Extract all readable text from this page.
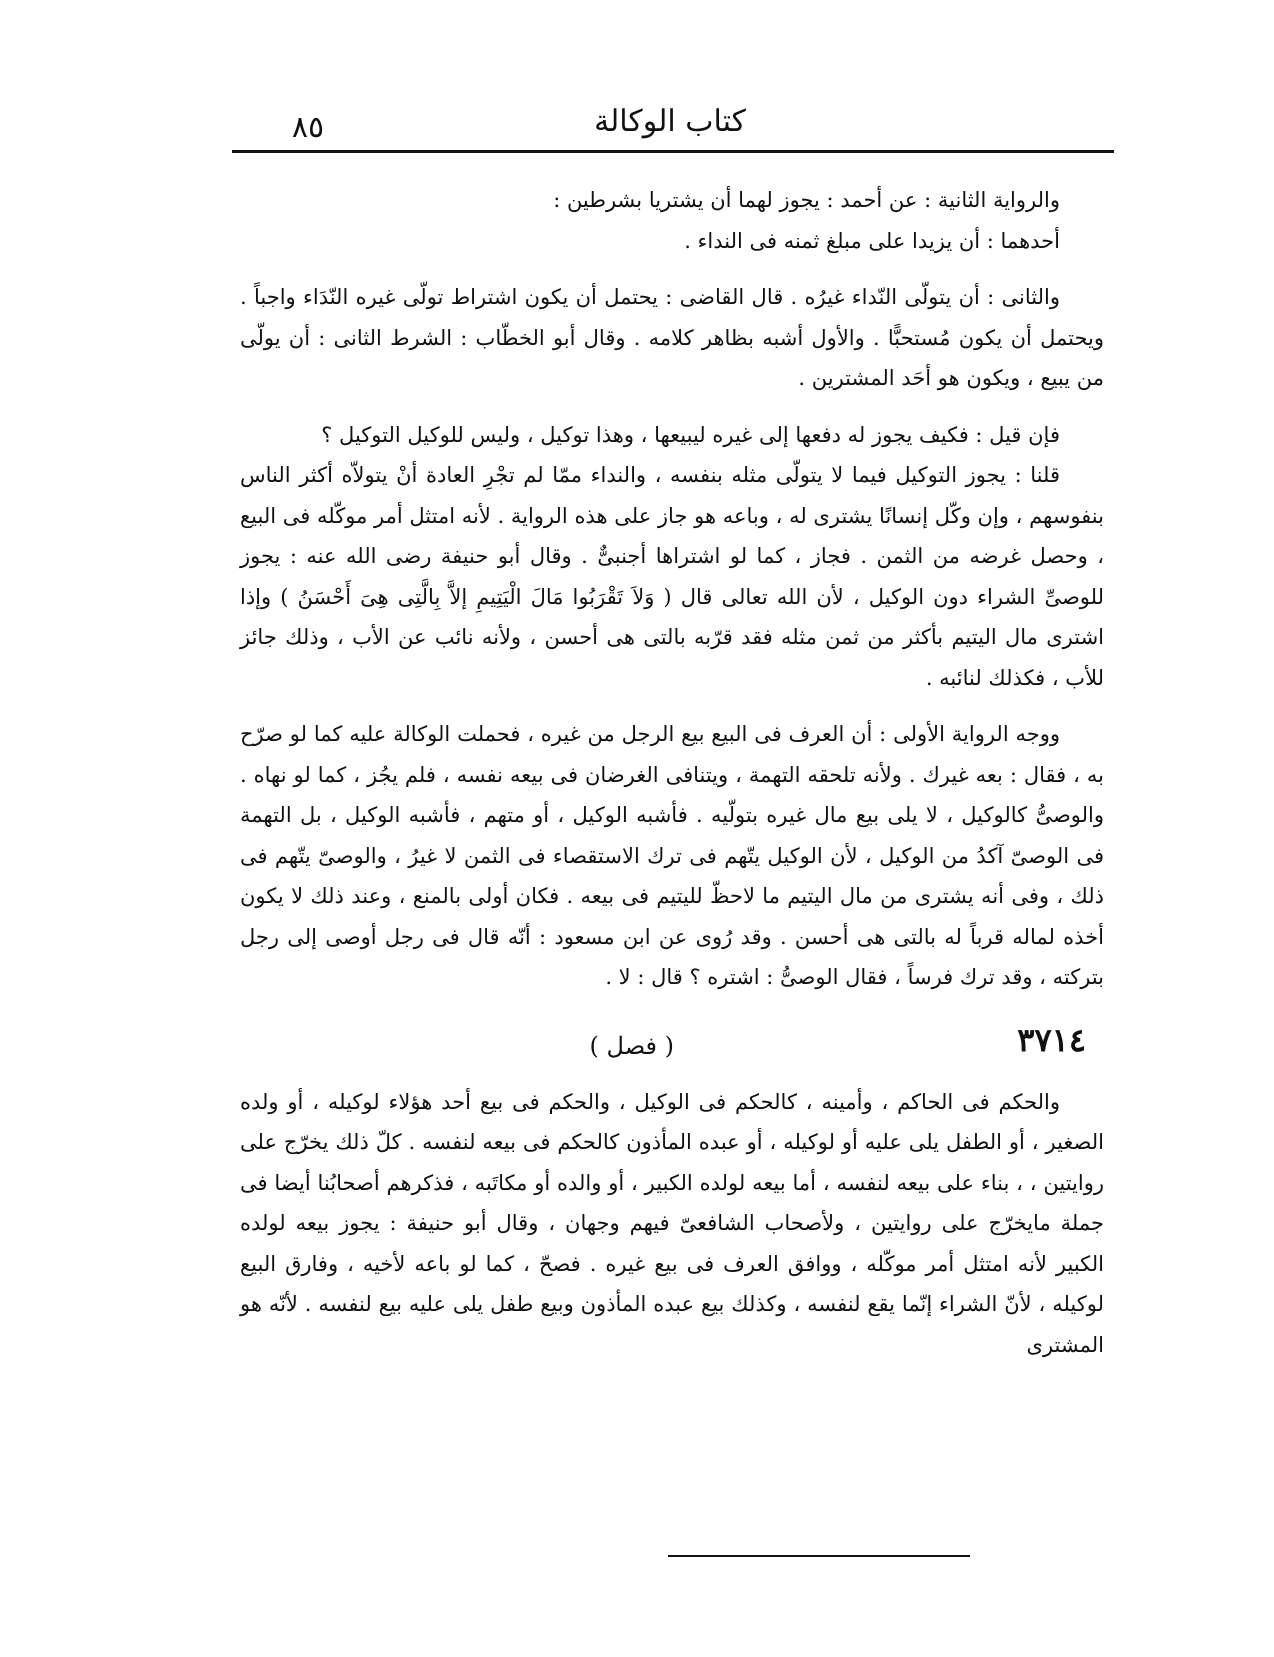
٨٥	كتاب الوكالة

والرواية الثانية : عن أحمد : يجوز لهما أن يشتريا بشرطين :

أحدهما : أن يزيدا على مبلغ ثمنه فى النداء .

والثانى : أن يتولّى النّداء غيرُه . قال القاضى : يحتمل أن يكون اشتراط تولّى غيره النّدَاء واجباً . ويحتمل أن يكون مُستحبًّا . والأول أشبه بظاهر كلامه . وقال أبو الخطّاب : الشرط الثانى : أن يولّى من يبيع ، ويكون هو أحَد المشترين .

فإن قيل : فكيف يجوز له دفعها إلى غيره ليبيعها ، وهذا توكيل ، وليس للوكيل التوكيل ؟

قلنا : يجوز التوكيل فيما لا يتولّى مثله بنفسه ، والنداء ممّا لم تجْرِ العادة أنْ يتولاّه أكثر الناس بنفوسهم ، وإن وكّل إنسانًا يشترى له ، وباعه هو جاز على هذه الرواية . لأنه امتثل أمر موكّله فى البيع ، وحصل غرضه من الثمن . فجاز ، كما لو اشتراها أجنبىٌّ . وقال أبو حنيفة رضى الله عنه : يجوز للوصىِّ الشراء دون الوكيل ، لأن الله تعالى قال ( وَلاَ تَقْرَبُوا مَالَ الْيَتِيمِ إلاَّ بِالَّتِى هِىَ أَحْسَنُ ) وإذا اشترى مال اليتيم بأكثر من ثمن مثله فقد قرّبه بالتى هى أحسن ، ولأنه نائب عن الأب ، وذلك جائز للأب ، فكذلك لنائبه .

ووجه الرواية الأولى : أن العرف فى البيع بيع الرجل من غيره ، فحملت الوكالة عليه كما لو صرّح به ، فقال : بعه غيرك . ولأنه تلحقه التهمة ، ويتنافى الغرضان فى بيعه نفسه ، فلم يجُز ، كما لو نهاه . والوصىُّ كالوكيل ، لا يلى بيع مال غيره بتولّيه . فأشبه الوكيل ، أو متهم ، فأشبه الوكيل ، بل التهمة فى الوصىّ آكدُ من الوكيل ، لأن الوكيل يتّهم فى ترك الاستقصاء فى الثمن لا غيرُ ، والوصىّ يتّهم فى ذلك ، وفى أنه يشترى من مال اليتيم ما لاحظّ لليتيم فى بيعه . فكان أولى بالمنع ، وعند ذلك لا يكون أخذه لماله قرباً له بالتى هى أحسن . وقد رُوى عن ابن مسعود : أنّه قال فى رجل أوصى إلى رجل بتركته ، وقد ترك فرساً ، فقال الوصىُّ : اشتره ؟ قال : لا .

٣٧١٤
( فصل )

والحكم فى الحاكم ، وأمينه ، كالحكم فى الوكيل ، والحكم فى بيع أحد هؤلاء لوكيله ، أو ولده الصغير ، أو الطفل يلى عليه أو لوكيله ، أو عبده المأذون كالحكم فى بيعه لنفسه . كلّ ذلك يخرّج على روايتين ، ، بناء على بيعه لنفسه ، أما بيعه لولده الكبير ، أو والده أو مكاتَبه ، فذكرهم أصحابُنا أيضا فى جملة مايخرّج على روايتين ، ولأصحاب الشافعىّ فيهم وجهان ، وقال أبو حنيفة : يجوز بيعه لولده الكبير لأنه امتثل أمر موكّله ، ووافق العرف فى بيع غيره . فصحّ ، كما لو باعه لأخيه ، وفارق البيع لوكيله ، لأنّ الشراء إنّما يقع لنفسه ، وكذلك بيع عبده المأذون وبيع طفل يلى عليه بيع لنفسه . لأنّه هو المشترى
